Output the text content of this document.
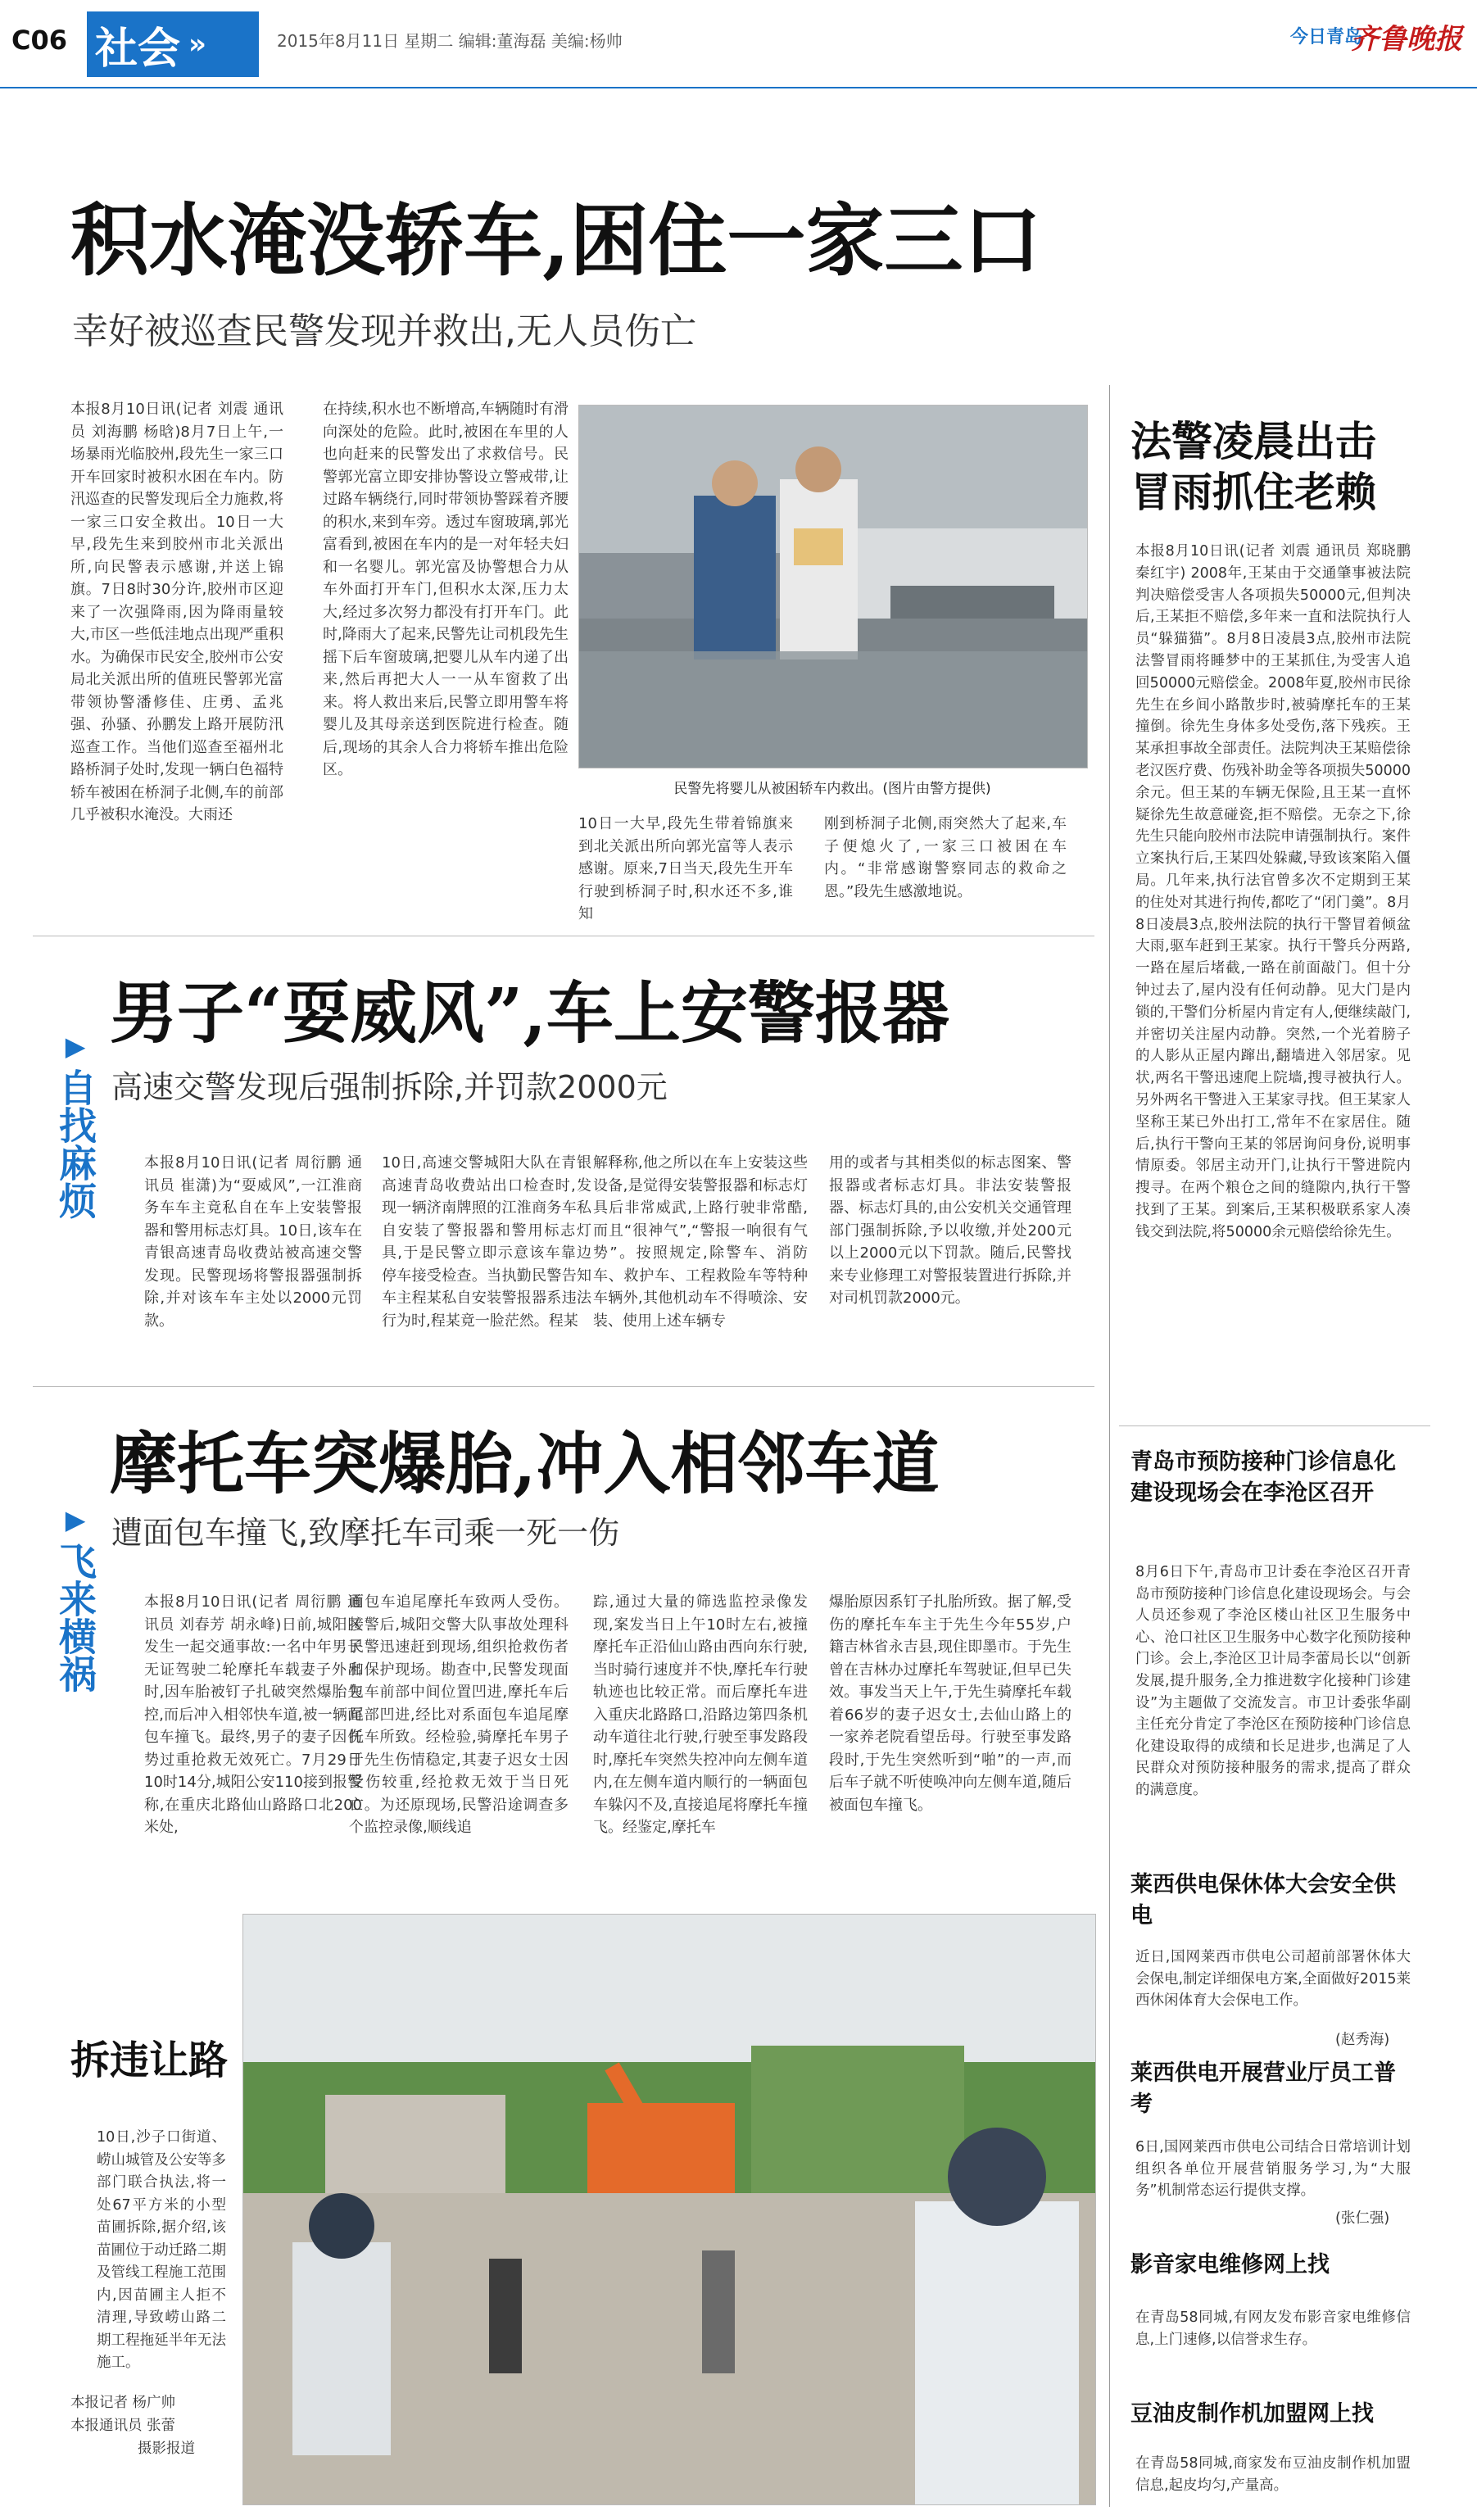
C06 社会 »	2015年8月11日 星期二 编辑:董海磊 美编:杨帅	今日青岛
齐鲁晚报
积水淹没轿车,困住一家三口
幸好被巡查民警发现并救出,无人员伤亡
本报8月10日讯(记者 刘震 通讯员 刘海鹏 杨晗)8月7日上午,一场暴雨光临胶州,段先生一家三口开车回家时被积水困在车内。防汛巡查的民警发现后全力施救,将一家三口安全救出。10日一大早,段先生来到胶州市北关派出所,向民警表示感谢,并送上锦旗。7日8时30分许,胶州市区迎来了一次强降雨,因为降雨量较大,市区一些低洼地点出现严重积水。为确保市民安全,胶州市公安局北关派出所的值班民警郭光富带领协警潘修佳、庄勇、孟兆强、孙骚、孙鹏发上路开展防汛巡查工作。当他们巡查至福州北路桥洞子处时,发现一辆白色福特轿车被困在桥洞子北侧,车的前部几乎被积水淹没。大雨还
在持续,积水也不断增高,车辆随时有滑向深处的危险。此时,被困在车里的人也向赶来的民警发出了求救信号。民警郭光富立即安排协警设立警戒带,让过路车辆绕行,同时带领协警踩着齐腰的积水,来到车旁。透过车窗玻璃,郭光富看到,被困在车内的是一对年轻夫妇和一名婴儿。郭光富及协警想合力从车外面打开车门,但积水太深,压力太大,经过多次努力都没有打开车门。此时,降雨大了起来,民警先让司机段先生摇下后车窗玻璃,把婴儿从车内递了出来,然后再把大人一一从车窗救了出来。将人救出来后,民警立即用警车将婴儿及其母亲送到医院进行检查。随后,现场的其余人合力将轿车推出危险区。
民警先将婴儿从被困轿车内救出。(图片由警方提供)
10日一大早,段先生带着锦旗来到北关派出所向郭光富等人表示感谢。原来,7日当天,段先生开车行驶到桥洞子时,积水还不多,谁知
刚到桥洞子北侧,雨突然大了起来,车子便熄火了,一家三口被困在车内。“非常感谢警察同志的救命之恩。”段先生感激地说。
▶
自找麻烦
男子“耍威风”,车上安警报器
高速交警发现后强制拆除,并罚款2000元
本报8月10日讯(记者 周衍鹏 通讯员 崔潇)为“耍威风”,一江淮商务车车主竟私自在车上安装警报器和警用标志灯具。10日,该车在青银高速青岛收费站被高速交警发现。民警现场将警报器强制拆除,并对该车车主处以2000元罚款。
10日,高速交警城阳大队在青银高速青岛收费站出口检查时,发现一辆济南牌照的江淮商务车私自安装了警报器和警用标志灯具,于是民警立即示意该车靠边停车接受检查。当执勤民警告知车主程某私自安装警报器系违法行为时,程某竟一脸茫然。程某
解释称,他之所以在车上安装这些设备,是觉得安装警报器和标志灯具后非常威武,上路行驶非常酷,而且“很神气”,“警报一响很有气势”。按照规定,除警车、消防车、救护车、工程救险车等特种车辆外,其他机动车不得喷涂、安装、使用上述车辆专
用的或者与其相类似的标志图案、警报器或者标志灯具。非法安装警报器、标志灯具的,由公安机关交通管理部门强制拆除,予以收缴,并处200元以上2000元以下罚款。随后,民警找来专业修理工对警报装置进行拆除,并对司机罚款2000元。
▶
飞来横祸
摩托车突爆胎,冲入相邻车道
遭面包车撞飞,致摩托车司乘一死一伤
本报8月10日讯(记者 周衍鹏 通讯员 刘春芳 胡永峰)日前,城阳区发生一起交通事故:一名中年男子无证驾驶二轮摩托车载妻子外出时,因车胎被钉子扎破突然爆胎失控,而后冲入相邻快车道,被一辆面包车撞飞。最终,男子的妻子因伤势过重抢救无效死亡。7月29日10时14分,城阳公安110接到报警称,在重庆北路仙山路路口北200米处,
面包车追尾摩托车致两人受伤。接警后,城阳交警大队事故处理科民警迅速赶到现场,组织抢救伤者和保护现场。勘查中,民警发现面包车前部中间位置凹进,摩托车后尾部凹进,经比对系面包车追尾摩托车所致。经检验,骑摩托车男子于先生伤情稳定,其妻子迟女士因受伤较重,经抢救无效于当日死亡。为还原现场,民警沿途调查多个监控录像,顺线追
踪,通过大量的筛选监控录像发现,案发当日上午10时左右,被撞摩托车正沿仙山路由西向东行驶,当时骑行速度并不快,摩托车行驶轨迹也比较正常。而后摩托车进入重庆北路路口,沿路边第四条机动车道往北行驶,行驶至事发路段时,摩托车突然失控冲向左侧车道内,在左侧车道内顺行的一辆面包车躲闪不及,直接追尾将摩托车撞飞。经鉴定,摩托车
爆胎原因系钉子扎胎所致。据了解,受伤的摩托车车主于先生今年55岁,户籍吉林省永吉县,现住即墨市。于先生曾在吉林办过摩托车驾驶证,但早已失效。事发当天上午,于先生骑摩托车载着66岁的妻子迟女士,去仙山路上的一家养老院看望岳母。行驶至事发路段时,于先生突然听到“啪”的一声,而后车子就不听使唤冲向左侧车道,随后被面包车撞飞。
拆违让路
10日,沙子口街道、崂山城管及公安等多部门联合执法,将一处67平方米的小型苗圃拆除,据介绍,该苗圃位于动迁路二期及管线工程施工范围内,因苗圃主人拒不清理,导致崂山路二期工程拖延半年无法施工。
本报记者 杨广帅
本报通讯员 张蕾
摄影报道
法警凌晨出击
冒雨抓住老赖
本报8月10日讯(记者 刘震 通讯员 郑晓鹏 秦红宇) 2008年,王某由于交通肇事被法院判决赔偿受害人各项损失50000元,但判决后,王某拒不赔偿,多年来一直和法院执行人员“躲猫猫”。8月8日凌晨3点,胶州市法院法警冒雨将睡梦中的王某抓住,为受害人追回50000元赔偿金。2008年夏,胶州市民徐先生在乡间小路散步时,被骑摩托车的王某撞倒。徐先生身体多处受伤,落下残疾。王某承担事故全部责任。法院判决王某赔偿徐老汉医疗费、伤残补助金等各项损失50000余元。但王某的车辆无保险,且王某一直怀疑徐先生故意碰瓷,拒不赔偿。无奈之下,徐先生只能向胶州市法院申请强制执行。案件立案执行后,王某四处躲藏,导致该案陷入僵局。几年来,执行法官曾多次不定期到王某的住处对其进行拘传,都吃了“闭门羹”。8月8日凌晨3点,胶州法院的执行干警冒着倾盆大雨,驱车赶到王某家。执行干警兵分两路,一路在屋后堵截,一路在前面敲门。但十分钟过去了,屋内没有任何动静。见大门是内锁的,干警们分析屋内肯定有人,便继续敲门,并密切关注屋内动静。突然,一个光着膀子的人影从正屋内蹿出,翻墙进入邻居家。见状,两名干警迅速爬上院墙,搜寻被执行人。另外两名干警进入王某家寻找。但王某家人坚称王某已外出打工,常年不在家居住。随后,执行干警向王某的邻居询问身份,说明事情原委。邻居主动开门,让执行干警进院内搜寻。在两个粮仓之间的缝隙内,执行干警找到了王某。到案后,王某积极联系家人凑钱交到法院,将50000余元赔偿给徐先生。
青岛市预防接种门诊信息化建设现场会在李沧区召开
8月6日下午,青岛市卫计委在李沧区召开青岛市预防接种门诊信息化建设现场会。与会人员还参观了李沧区楼山社区卫生服务中心、沧口社区卫生服务中心数字化预防接种门诊。会上,李沧区卫计局李蕾局长以“创新发展,提升服务,全力推进数字化接种门诊建设”为主题做了交流发言。市卫计委张华副主任充分肯定了李沧区在预防接种门诊信息化建设取得的成绩和长足进步,也满足了人民群众对预防接种服务的需求,提高了群众的满意度。
莱西供电保休体大会安全供电
近日,国网莱西市供电公司超前部署休体大会保电,制定详细保电方案,全面做好2015莱西休闲体育大会保电工作。
(赵秀海)
莱西供电开展营业厅员工普考
6日,国网莱西市供电公司结合日常培训计划组织各单位开展营销服务学习,为“大服务”机制常态运行提供支撑。
(张仁强)
影音家电维修网上找
在青岛58同城,有网友发布影音家电维修信息,上门速修,以信誉求生存。
豆油皮制作机加盟网上找
在青岛58同城,商家发布豆油皮制作机加盟信息,起皮均匀,产量高。
